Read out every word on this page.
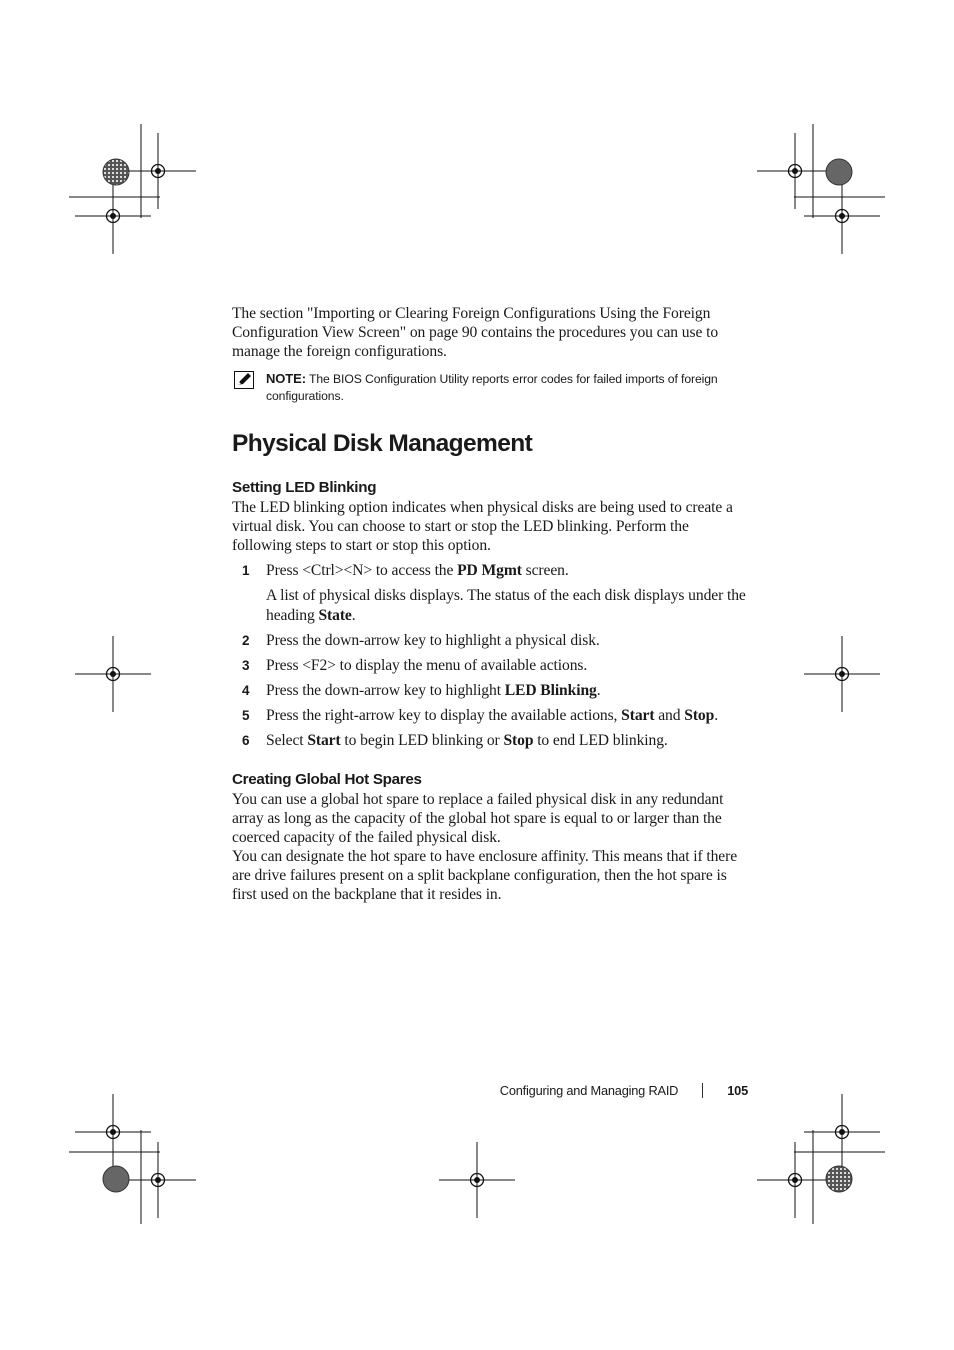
The section "Importing or Clearing Foreign Configurations Using the Foreign Configuration View Screen" on page 90 contains the procedures you can use to manage the foreign configurations.

NOTE: The BIOS Configuration Utility reports error codes for failed imports of foreign configurations.
Physical Disk Management
Setting LED Blinking

The LED blinking option indicates when physical disks are being used to create a virtual disk. You can choose to start or stop the LED blinking. Perform the following steps to start or stop this option.

1 Press <Ctrl><N> to access the PD Mgmt screen.
A list of physical disks displays. The status of the each disk displays under the heading State.
2 Press the down-arrow key to highlight a physical disk.
3 Press <F2> to display the menu of available actions.
4 Press the down-arrow key to highlight LED Blinking.
5 Press the right-arrow key to display the available actions, Start and Stop.
6 Select Start to begin LED blinking or Stop to end LED blinking.
Creating Global Hot Spares

You can use a global hot spare to replace a failed physical disk in any redundant array as long as the capacity of the global hot spare is equal to or larger than the coerced capacity of the failed physical disk.

You can designate the hot spare to have enclosure affinity. This means that if there are drive failures present on a split backplane configuration, then the hot spare is first used on the backplane that it resides in.

Configuring and Managing RAID	105
